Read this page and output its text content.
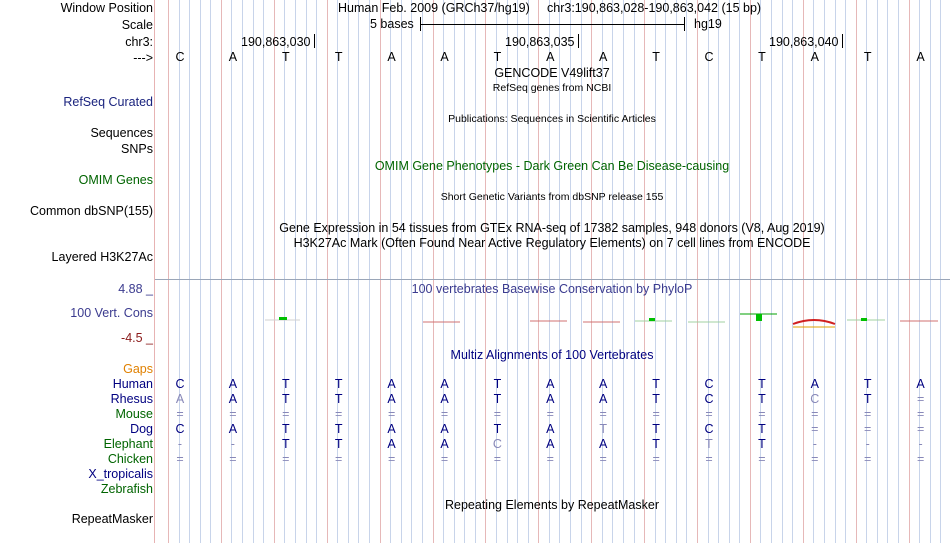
Window Position
Scale
chr3:
--->
Human Feb. 2009 (GRCh37/hg19) chr3:190,863,028-190,863,042 (15 bp)
5 bases	hg19
190,863,030	190,863,035	190,863,040
C	A	T	T	A	A	T	A	A	T	C	T	A	T	A
GENCODE V49lift37
RefSeq genes from NCBI
Publications: Sequences in Scientific Articles
OMIM Gene Phenotypes - Dark Green Can Be Disease-causing
Short Genetic Variants from dbSNP release 155
Gene Expression in 54 tissues from GTEx RNA-seq of 17382 samples, 948 donors (V8, Aug 2019)
H3K27Ac Mark (Often Found Near Active Regulatory Elements) on 7 cell lines from ENCODE
100 vertebrates Basewise Conservation by PhyloP
Multiz Alignments of 100 Vertebrates
Repeating Elements by RepeatMasker
RefSeq Curated
Sequences
SNPs
OMIM Genes
Common dbSNP(155)
Layered H3K27Ac
4.88 _
100 Vert. Cons
-4.5 _
Gaps
Human	C	A	T	T	A	A	T	A	A	T	C	T	A	T	A
Rhesus	A	A	T	T	A	A	T	A	A	T	C	T	C	T	=
Mouse	=	=	=	=	=	=	=	=	=	=	=	=	=	=	=
Dog	C	A	T	T	A	A	T	A	T	T	C	T	=	=	=
Elephant	-	-	T	T	A	A	C	A	A	T	T	T	-	-	-
Chicken	=	=	=	=	=	=	=	=	=	=	=	=	=	=	=
X_tropicalis
Zebrafish
RepeatMasker
